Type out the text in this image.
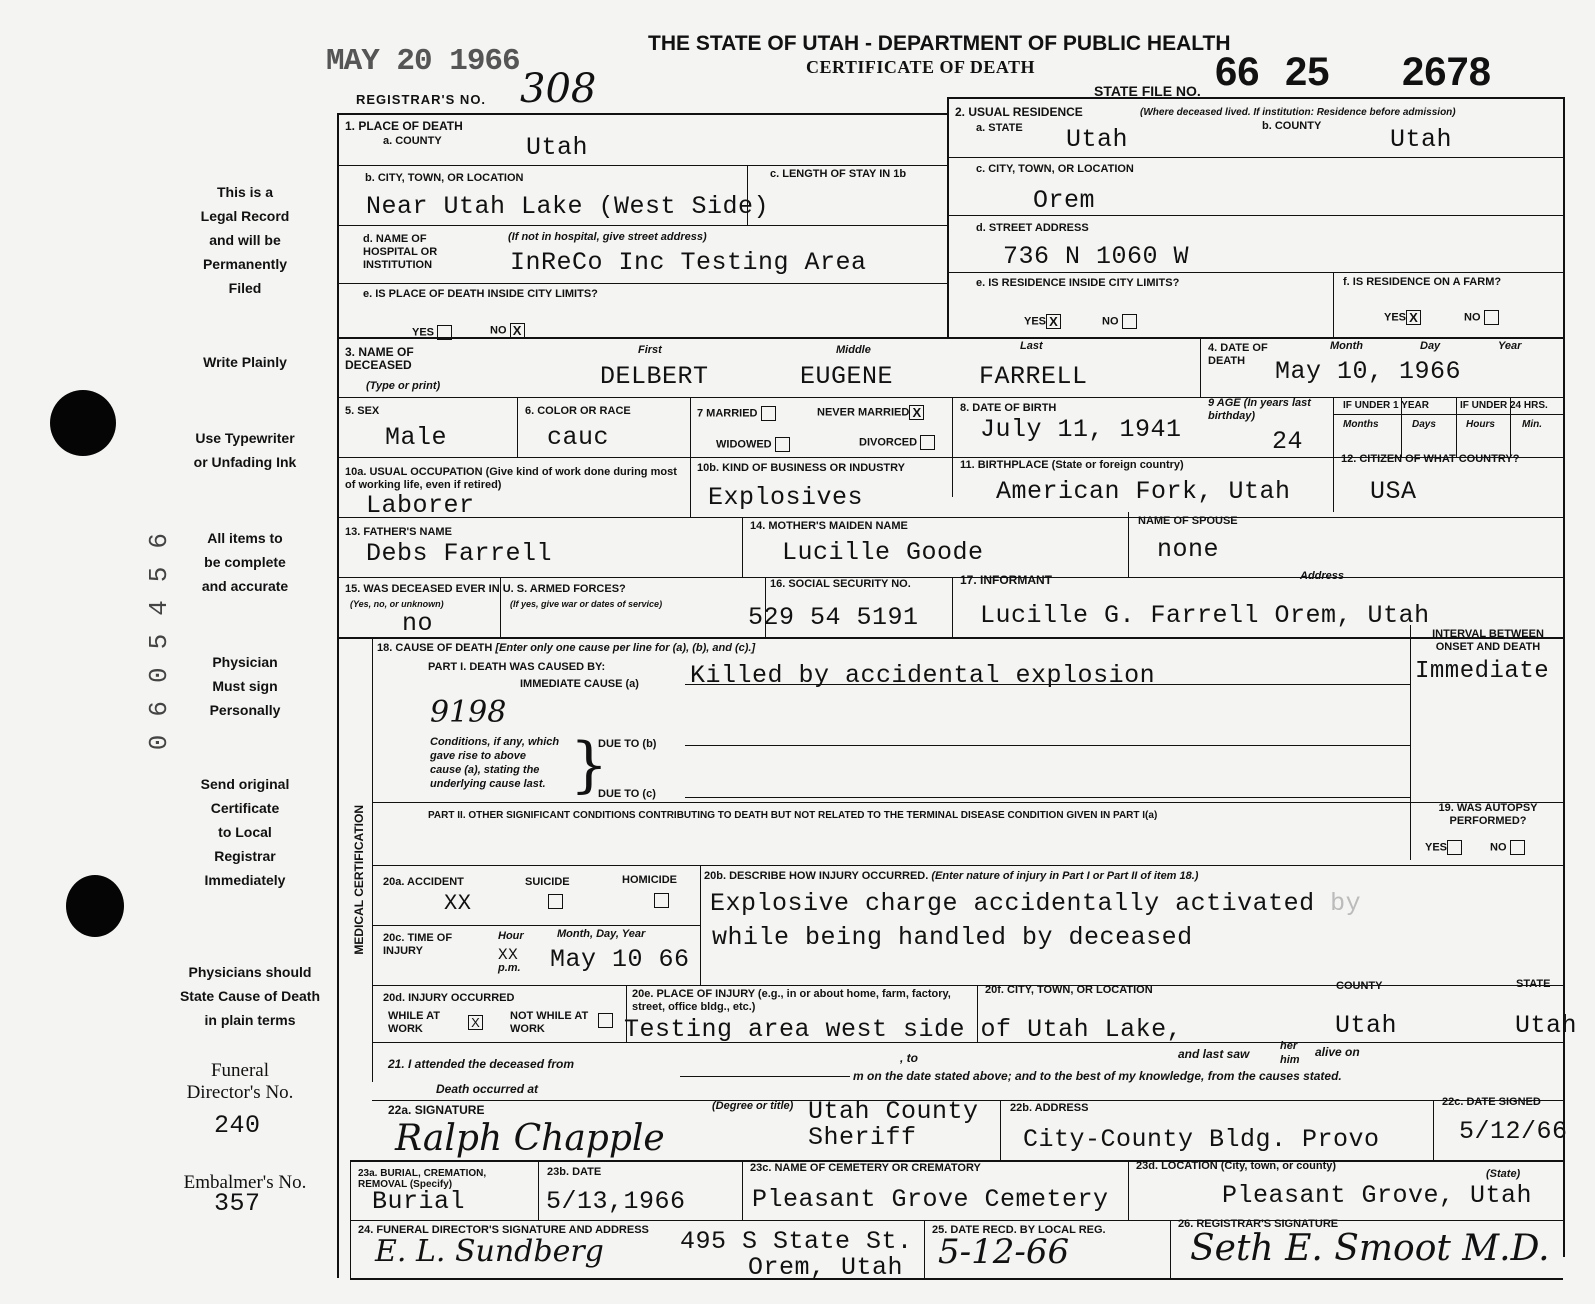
0605456
This is a
Legal Record
and will be
Permanently
Filed
Write Plainly
Use Typewriter
or Unfading Ink
All items to
be complete
and accurate
Physician
Must sign
Personally
Send original
Certificate
to Local
Registrar
Immediately
Physicians should
State Cause of Death
in plain terms
Funeral
Director's No.
240
Embalmer's No.
357
MAY 20 1966
THE STATE OF UTAH - DEPARTMENT OF PUBLIC HEALTH
CERTIFICATE OF DEATH
REGISTRAR'S NO. 308	STATE FILE NO. 66 25 2678
1. PLACE OF DEATH
a. COUNTY	Utah
b. CITY, TOWN, OR LOCATION
Near Utah Lake (West Side)
c. LENGTH OF STAY IN 1b
d. NAME OF HOSPITAL OR INSTITUTION
(If not in hospital, give street address)
InReCo Inc Testing Area
e. IS PLACE OF DEATH INSIDE CITY LIMITS?
YES	NO X
2. USUAL RESIDENCE	(Where deceased lived. If institution: Residence before admission)
a. STATE Utah	b. COUNTY	Utah
c. CITY, TOWN, OR LOCATION
Orem
d. STREET ADDRESS
736 N 1060 W
e. IS RESIDENCE INSIDE CITY LIMITS?
YES X	NO
f. IS RESIDENCE ON A FARM?
YES X	NO
3. NAME OF DECEASED
(Type or print)
First	Middle	Last
DELBERT	EUGENE	FARRELL
4. DATE OF DEATH
Month	Day	Year
May 10, 1966
5. SEX
Male
6. COLOR OR RACE
cauc
7 MARRIED	NEVER MARRIED X
WIDOWED	DIVORCED
8. DATE OF BIRTH
July 11, 1941
9 AGE (In years last birthday)
24
IF UNDER 1 YEAR	IF UNDER 24 HRS.
Months	Days	Hours	Min.
10a. USUAL OCCUPATION (Give kind of work done during most of working life, even if retired)
Laborer
10b. KIND OF BUSINESS OR INDUSTRY
Explosives
11. BIRTHPLACE (State or foreign country)
American Fork, Utah
12. CITIZEN OF WHAT COUNTRY?
USA
13. FATHER'S NAME
Debs Farrell
14. MOTHER'S MAIDEN NAME
Lucille Goode
NAME OF SPOUSE
none
15. WAS DECEASED EVER IN U. S. ARMED FORCES?
(Yes, no, or unknown)	(If yes, give war or dates of service)
no
16. SOCIAL SECURITY NO.
529 54 5191
17. INFORMANT	Address
Lucille G. Farrell Orem, Utah
MEDICAL CERTIFICATION
18. CAUSE OF DEATH [Enter only one cause per line for (a), (b), and (c).]
PART I. DEATH WAS CAUSED BY:
IMMEDIATE CAUSE (a) Killed by accidental explosion
INTERVAL BETWEEN ONSET AND DEATH
Immediate
9198
Conditions, if any, which gave rise to above cause (a), stating the underlying cause last. }
DUE TO (b)
DUE TO (c)
PART II. OTHER SIGNIFICANT CONDITIONS CONTRIBUTING TO DEATH BUT NOT RELATED TO THE TERMINAL DISEASE CONDITION GIVEN IN PART I(a)
19. WAS AUTOPSY PERFORMED?
YES	NO
20a. ACCIDENT	SUICIDE	HOMICIDE
XX
20b. DESCRIBE HOW INJURY OCCURRED. (Enter nature of injury in Part I or Part II of item 18.)
Explosive charge accidentally activated by
while being handled by deceased
20c. TIME OF INJURY
Hour	Month, Day, Year
XX
p.m. May 10 66
20d. INJURY OCCURRED
WHILE AT WORK	X	NOT WHILE AT WORK
20e. PLACE OF INJURY (e.g., in or about home, farm, factory, street, office bldg., etc.)
20f. CITY, TOWN, OR LOCATION	COUNTY	STATE
Testing area west side of Utah Lake,	Utah	Utah
21. I attended the deceased from	, to	and last saw
her
him
alive on
Death occurred at
m on the date stated above; and to the best of my knowledge, from the causes stated.
22a. SIGNATURE	(Degree or title)
Ralph Chapple
Utah County
Sheriff
22b. ADDRESS
City-County Bldg. Provo
22c. DATE SIGNED
5/12/66
23a. BURIAL, CREMATION, REMOVAL (Specify)
Burial
23b. DATE
5/13,1966
23c. NAME OF CEMETERY OR CREMATORY
Pleasant Grove Cemetery
23d. LOCATION (City, town, or county)
(State)
Pleasant Grove, Utah
24. FUNERAL DIRECTOR'S SIGNATURE AND ADDRESS
E. L. Sundberg	495 S State St.
Orem, Utah
25. DATE RECD. BY LOCAL REG.
5-12-66
26. REGISTRAR'S SIGNATURE
Seth E. Smoot M.D.
